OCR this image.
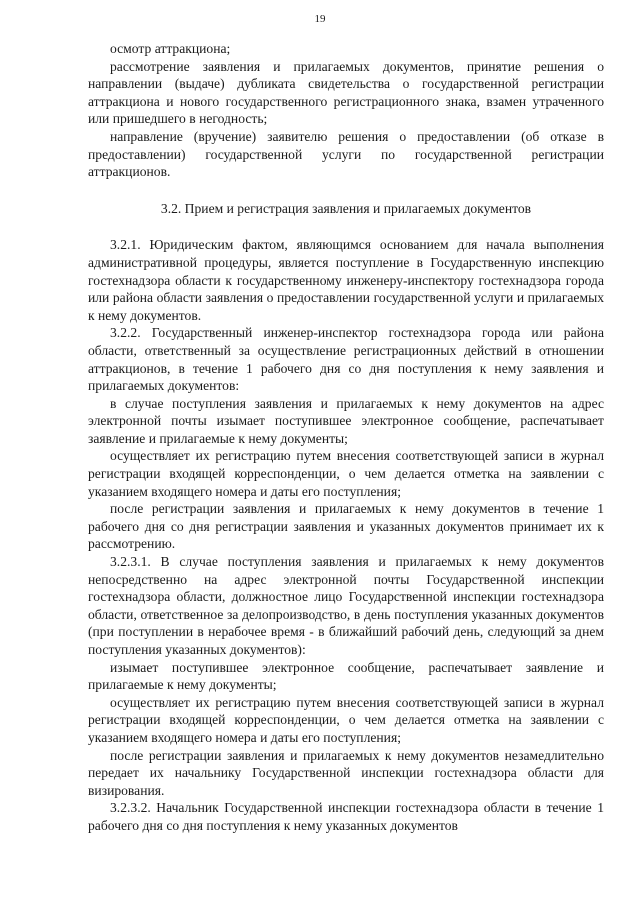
19

осмотр аттракциона;

рассмотрение заявления и прилагаемых документов, принятие решения о направлении (выдаче) дубликата свидетельства о государственной регистрации аттракциона и нового государственного регистрационного знака, взамен утраченного или пришедшего в негодность;

направление (вручение) заявителю решения о предоставлении (об отказе в предоставлении) государственной услуги по государственной регистрации аттракционов.

3.2. Прием и регистрация заявления и прилагаемых документов

3.2.1. Юридическим фактом, являющимся основанием для начала выполнения административной процедуры, является поступление в Государственную инспекцию гостехнадзора области к государственному инженеру-инспектору гостехнадзора города или района области заявления о предоставлении государственной услуги и прилагаемых к нему документов.

3.2.2. Государственный инженер-инспектор гостехнадзора города или района области, ответственный за осуществление регистрационных действий в отношении аттракционов, в течение 1 рабочего дня со дня поступления к нему заявления и прилагаемых документов:

в случае поступления заявления и прилагаемых к нему документов на адрес электронной почты изымает поступившее электронное сообщение, распечатывает заявление и прилагаемые к нему документы;

осуществляет их регистрацию путем внесения соответствующей записи в журнал регистрации входящей корреспонденции, о чем делается отметка на заявлении с указанием входящего номера и даты его поступления;

после регистрации заявления и прилагаемых к нему документов в течение 1 рабочего дня со дня регистрации заявления и указанных документов принимает их к рассмотрению.

3.2.3.1. В случае поступления заявления и прилагаемых к нему документов непосредственно на адрес электронной почты Государственной инспекции гостехнадзора области, должностное лицо Государственной инспекции гостехнадзора области, ответственное за делопроизводство, в день поступления указанных документов (при поступлении в нерабочее время - в ближайший рабочий день, следующий за днем поступления указанных документов):

изымает поступившее электронное сообщение, распечатывает заявление и прилагаемые к нему документы;

осуществляет их регистрацию путем внесения соответствующей записи в журнал регистрации входящей корреспонденции, о чем делается отметка на заявлении с указанием входящего номера и даты его поступления;

после регистрации заявления и прилагаемых к нему документов незамедлительно передает их начальнику Государственной инспекции гостехнадзора области для визирования.

3.2.3.2. Начальник Государственной инспекции гостехнадзора области в течение 1 рабочего дня со дня поступления к нему указанных документов
